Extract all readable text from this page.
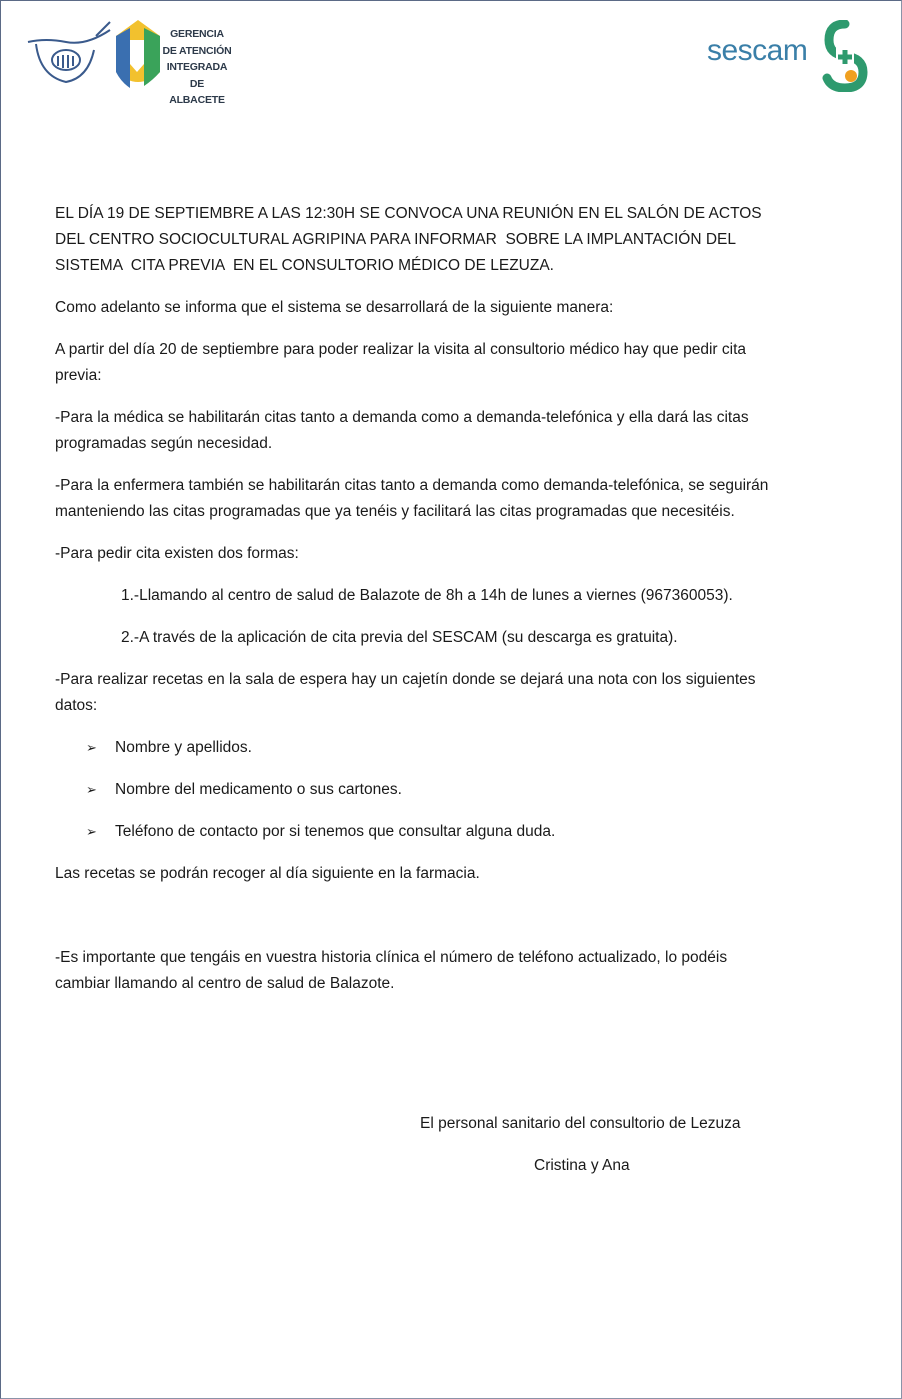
GERENCIA
DE ATENCIÓN
INTEGRADA
DE ALBACETE
sescam

EL DÍA 19 DE SEPTIEMBRE A LAS 12:30H SE CONVOCA UNA REUNIÓN EN EL SALÓN DE ACTOS DEL CENTRO SOCIOCULTURAL AGRIPINA PARA INFORMAR  SOBRE LA IMPLANTACIÓN DEL SISTEMA  CITA PREVIA  EN EL CONSULTORIO MÉDICO DE LEZUZA.

Como adelanto se informa que el sistema se desarrollará de la siguiente manera:

A partir del día 20 de septiembre para poder realizar la visita al consultorio médico hay que pedir cita previa:

-Para la médica se habilitarán citas tanto a demanda como a demanda-telefónica y ella dará las citas programadas según necesidad.

-Para la enfermera también se habilitarán citas tanto a demanda como demanda-telefónica, se seguirán  manteniendo las citas programadas que ya tenéis y facilitará las citas programadas que necesitéis.

-Para pedir cita existen dos formas:

1.-Llamando al centro de salud de Balazote de 8h a 14h de lunes a viernes (967360053).

2.-A través de la aplicación de cita previa del SESCAM (su descarga es gratuita).

-Para realizar recetas en la sala de espera hay un cajetín donde se dejará una nota con los siguientes datos:

➢ Nombre y apellidos.
➢ Nombre del medicamento o sus cartones.
➢ Teléfono de contacto por si tenemos que consultar alguna duda.

Las recetas se podrán recoger al día siguiente en la farmacia.

-Es importante que tengáis en vuestra historia clínica el número de teléfono actualizado, lo podéis cambiar llamando al centro de salud de Balazote.

El personal sanitario del consultorio de Lezuza
Cristina y Ana
